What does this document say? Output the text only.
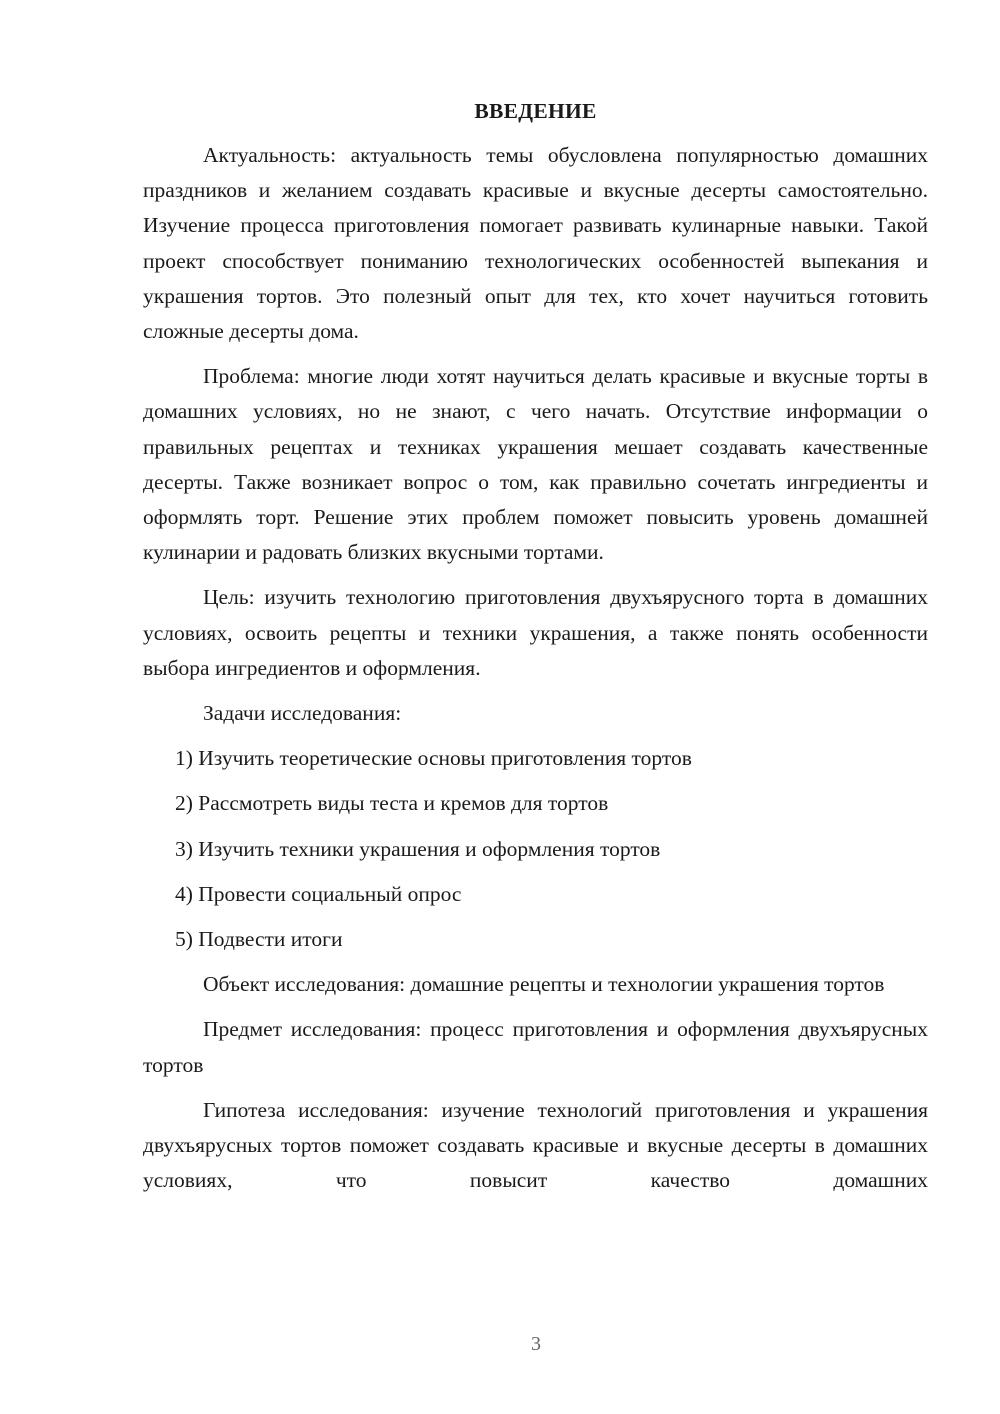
ВВЕДЕНИЕ

Актуальность: актуальность темы обусловлена популярностью домашних праздников и желанием создавать красивые и вкусные десерты самостоятельно. Изучение процесса приготовления помогает развивать кулинарные навыки. Такой проект способствует пониманию технологических особенностей выпекания и украшения тортов. Это полезный опыт для тех, кто хочет научиться готовить сложные десерты дома.

Проблема: многие люди хотят научиться делать красивые и вкусные торты в домашних условиях, но не знают, с чего начать. Отсутствие информации о правильных рецептах и техниках украшения мешает создавать качественные десерты. Также возникает вопрос о том, как правильно сочетать ингредиенты и оформлять торт. Решение этих проблем поможет повысить уровень домашней кулинарии и радовать близких вкусными тортами.

Цель: изучить технологию приготовления двухъярусного торта в домашних условиях, освоить рецепты и техники украшения, а также понять особенности выбора ингредиентов и оформления.

Задачи исследования:

1) Изучить теоретические основы приготовления тортов
2) Рассмотреть виды теста и кремов для тортов
3) Изучить техники украшения и оформления тортов
4) Провести социальный опрос
5) Подвести итоги

Объект исследования: домашние рецепты и технологии украшения тортов

Предмет исследования: процесс приготовления и оформления двухъярусных тортов

Гипотеза исследования: изучение технологий приготовления и украшения двухъярусных тортов поможет создавать красивые и вкусные десерты в домашних условиях, что повысит качество домашних

3
